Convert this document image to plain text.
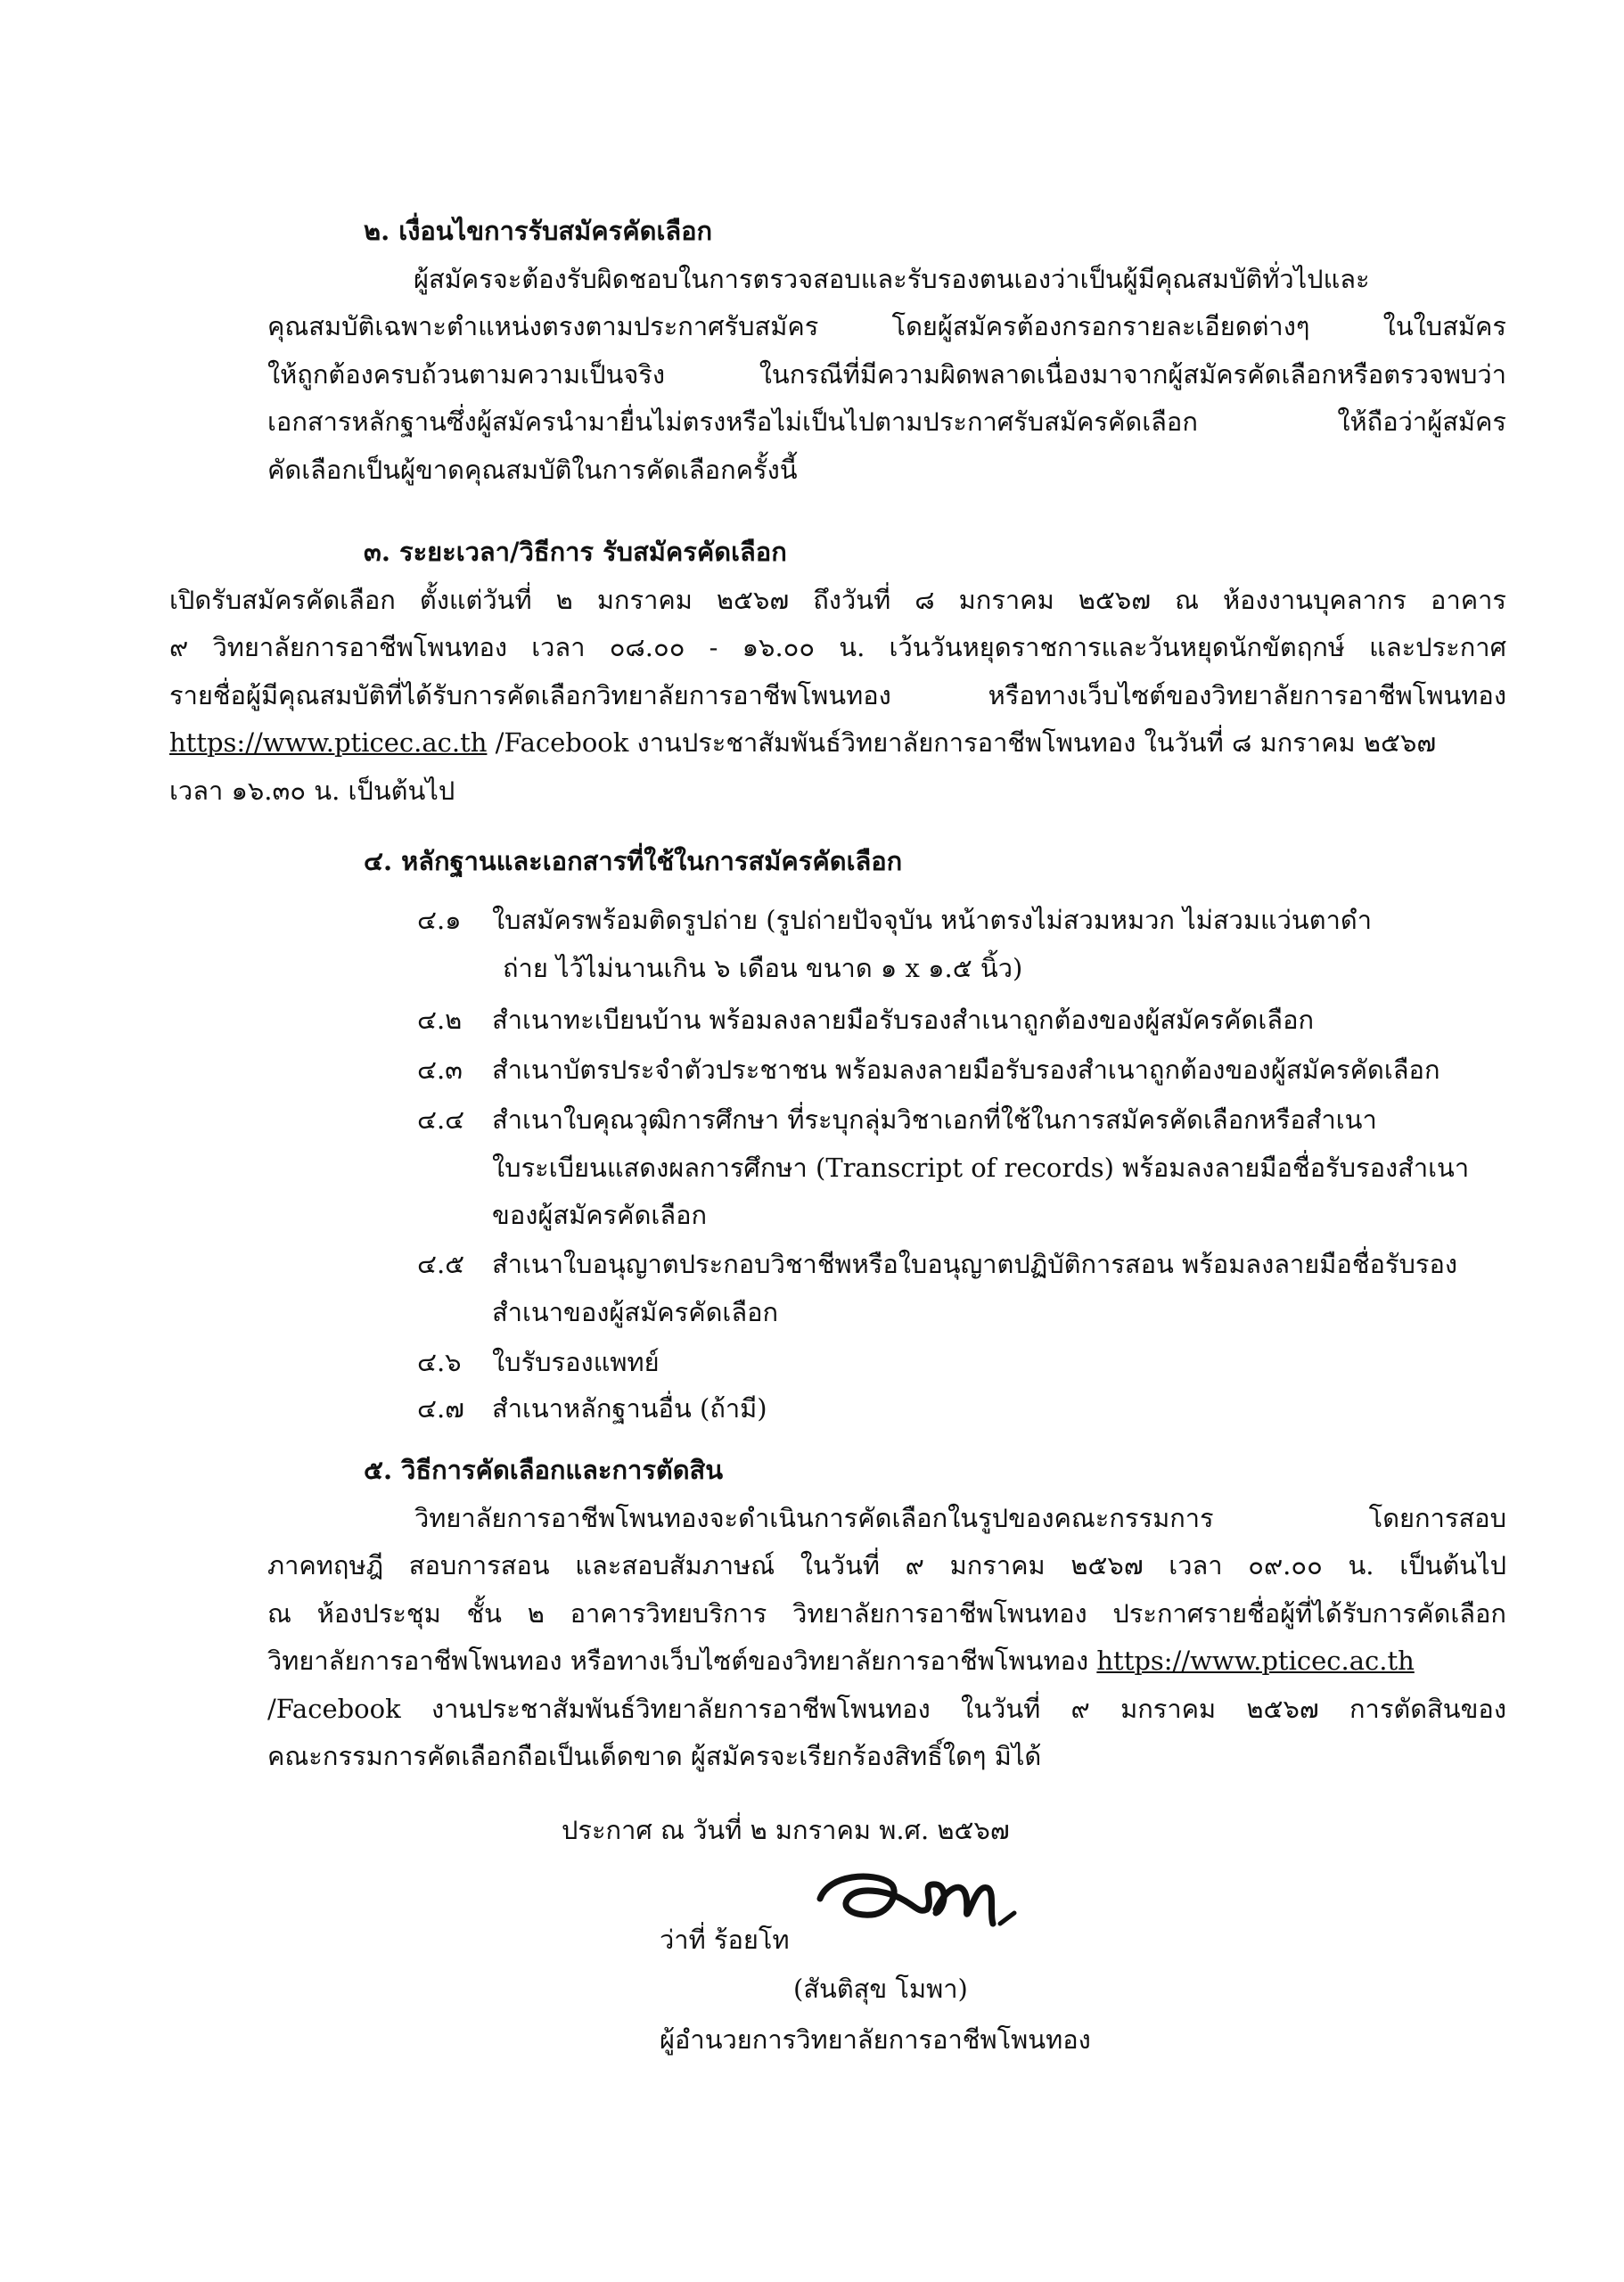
๒. เงื่อนไขการรับสมัครคัดเลือก
ผู้สมัครจะต้องรับผิดชอบในการตรวจสอบและรับรองตนเองว่าเป็นผู้มีคุณสมบัติทั่วไปและ
คุณสมบัติเฉพาะตำแหน่งตรงตามประกาศรับสมัคร โดยผู้สมัครต้องกรอกรายละเอียดต่างๆ ในใบสมัคร
ให้ถูกต้องครบถ้วนตามความเป็นจริง ในกรณีที่มีความผิดพลาดเนื่องมาจากผู้สมัครคัดเลือกหรือตรวจพบว่า
เอกสารหลักฐานซึ่งผู้สมัครนำมายื่นไม่ตรงหรือไม่เป็นไปตามประกาศรับสมัครคัดเลือก ให้ถือว่าผู้สมัคร
คัดเลือกเป็นผู้ขาดคุณสมบัติในการคัดเลือกครั้งนี้
๓. ระยะเวลา/วิธีการ รับสมัครคัดเลือก
เปิดรับสมัครคัดเลือก ตั้งแต่วันที่ ๒ มกราคม ๒๕๖๗ ถึงวันที่ ๘ มกราคม ๒๕๖๗ ณ ห้องงานบุคลากร อาคาร
๙ วิทยาลัยการอาชีพโพนทอง เวลา ๐๘.๐๐ - ๑๖.๐๐ น. เว้นวันหยุดราชการและวันหยุดนักขัตฤกษ์ และประกาศ
รายชื่อผู้มีคุณสมบัติที่ได้รับการคัดเลือกวิทยาลัยการอาชีพโพนทอง หรือทางเว็บไซต์ของวิทยาลัยการอาชีพโพนทอง
https://www.pticec.ac.th /Facebook งานประชาสัมพันธ์วิทยาลัยการอาชีพโพนทอง ในวันที่ ๘ มกราคม ๒๕๖๗
เวลา ๑๖.๓๐ น. เป็นต้นไป
๔. หลักฐานและเอกสารที่ใช้ในการสมัครคัดเลือก
๔.๑ ใบสมัครพร้อมติดรูปถ่าย (รูปถ่ายปัจจุบัน หน้าตรงไม่สวมหมวก ไม่สวมแว่นตาดำ
ถ่าย ไว้ไม่นานเกิน ๖ เดือน ขนาด ๑ x ๑.๕ นิ้ว)
๔.๒ สำเนาทะเบียนบ้าน พร้อมลงลายมือรับรองสำเนาถูกต้องของผู้สมัครคัดเลือก
๔.๓ สำเนาบัตรประจำตัวประชาชน พร้อมลงลายมือรับรองสำเนาถูกต้องของผู้สมัครคัดเลือก
๔.๔ สำเนาใบคุณวุฒิการศึกษา ที่ระบุกลุ่มวิชาเอกที่ใช้ในการสมัครคัดเลือกหรือสำเนา
ใบระเบียนแสดงผลการศึกษา (Transcript of records) พร้อมลงลายมือชื่อรับรองสำเนา
ของผู้สมัครคัดเลือก
๔.๕ สำเนาใบอนุญาตประกอบวิชาชีพหรือใบอนุญาตปฏิบัติการสอน พร้อมลงลายมือชื่อรับรอง
สำเนาของผู้สมัครคัดเลือก
๔.๖ ใบรับรองแพทย์
๔.๗ สำเนาหลักฐานอื่น (ถ้ามี)
๕. วิธีการคัดเลือกและการตัดสิน
วิทยาลัยการอาชีพโพนทองจะดำเนินการคัดเลือกในรูปของคณะกรรมการ โดยการสอบ
ภาคทฤษฎี สอบการสอน และสอบสัมภาษณ์ ในวันที่ ๙ มกราคม ๒๕๖๗ เวลา ๐๙.๐๐ น. เป็นต้นไป
ณ ห้องประชุม ชั้น ๒ อาคารวิทยบริการ วิทยาลัยการอาชีพโพนทอง ประกาศรายชื่อผู้ที่ได้รับการคัดเลือก
วิทยาลัยการอาชีพโพนทอง หรือทางเว็บไซต์ของวิทยาลัยการอาชีพโพนทอง https://www.pticec.ac.th
/Facebook งานประชาสัมพันธ์วิทยาลัยการอาชีพโพนทอง ในวันที่ ๙ มกราคม ๒๕๖๗ การตัดสินของ
คณะกรรมการคัดเลือกถือเป็นเด็ดขาด ผู้สมัครจะเรียกร้องสิทธิ์ใดๆ มิได้
ประกาศ ณ วันที่ ๒ มกราคม พ.ศ. ๒๕๖๗
ว่าที่ ร้อยโท
(สันติสุข โมพา)
ผู้อำนวยการวิทยาลัยการอาชีพโพนทอง
